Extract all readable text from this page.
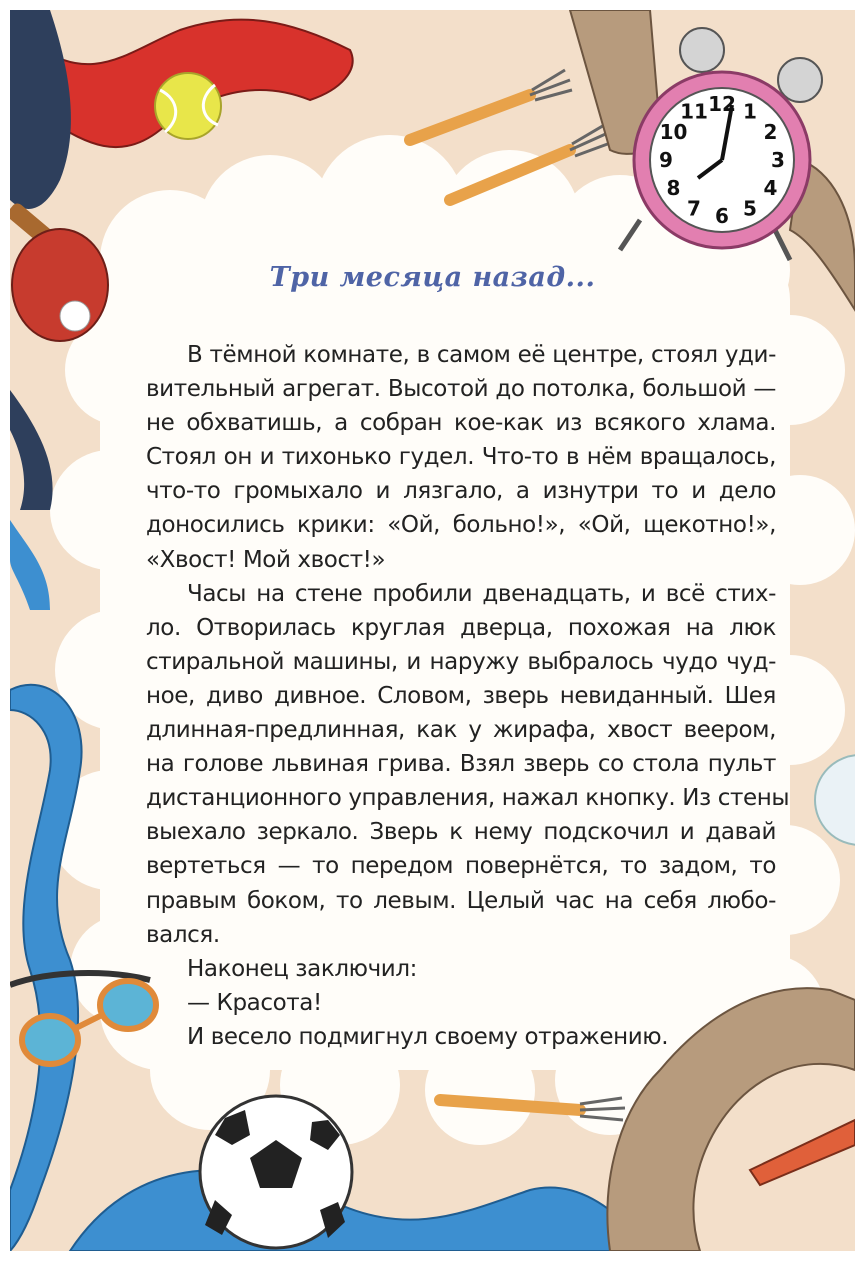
12 1
2
3
4
5
6
7
8
9
10
11
Три месяца назад...
В тёмной комнате, в самом её центре, стоял уди-
вительный агрегат. Высотой до потолка, большой —
не обхватишь, а собран кое-как из всякого хлама.
Стоял он и тихонько гудел. Что-то в нём вращалось,
что-то громыхало и лязгало, а изнутри то и дело
доносились крики: «Ой, больно!», «Ой, щекотно!»,
«Хвост! Мой хвост!»
Часы на стене пробили двенадцать, и всё стих-
ло. Отворилась круглая дверца, похожая на люк
стиральной машины, и наружу выбралось чудо чуд-
ное, диво дивное. Словом, зверь невиданный. Шея
длинная-предлинная, как у жирафа, хвост веером,
на голове львиная грива. Взял зверь со стола пульт
дистанционного управления, нажал кнопку. Из стены
выехало зеркало. Зверь к нему подскочил и давай
вертеться — то передом повернётся, то задом, то
правым боком, то левым. Целый час на себя любо-
вался.
Наконец заключил:
— Красота!
И весело подмигнул своему отражению.
